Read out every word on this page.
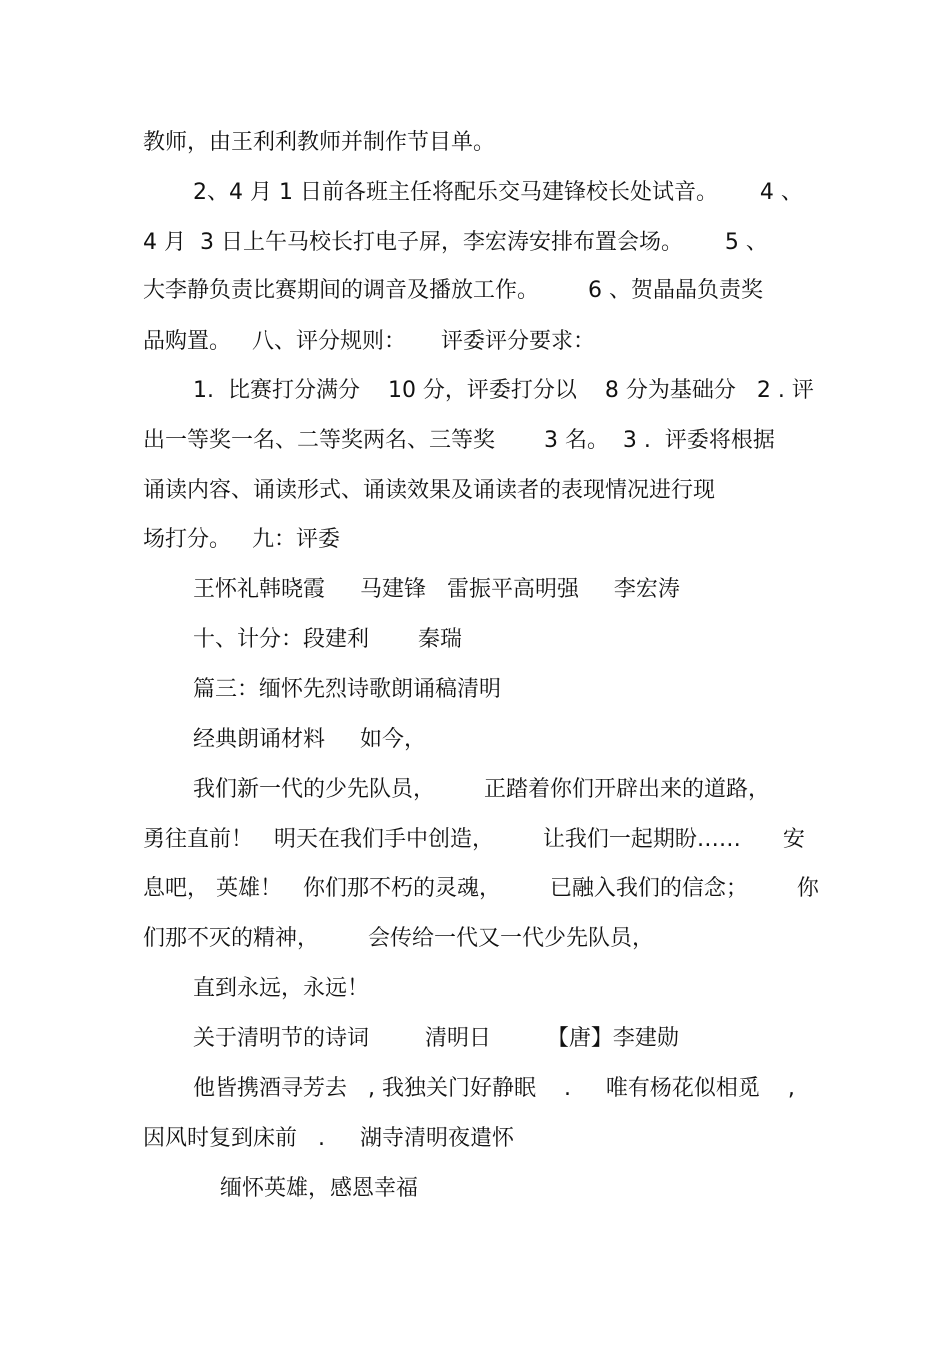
教师，由王利利教师并制作节目单。
2、4 月 1 日前各班主任将配乐交马建锋校长处试音。      4 、
4 月  3 日上午马校长打电子屏，李宏涛安排布置会场。      5 、
大李静负责比赛期间的调音及播放工作。       6 、贺晶晶负责奖
品购置。   八、评分规则：     评委评分要求：
1.  比赛打分满分    10 分，评委打分以    8 分为基础分   2 . 评
出一等奖一名、二等奖两名、三等奖       3 名。  3 .  评委将根据
诵读内容、诵读形式、诵读效果及诵读者的表现情况进行现
场打分。   九：评委
王怀礼韩晓霞     马建锋   雷振平高明强     李宏涛
十、计分：段建利       秦瑞
篇三：缅怀先烈诗歌朗诵稿清明
经典朗诵材料     如今，
我们新一代的少先队员，       正踏着你们开辟出来的道路，
勇往直前！   明天在我们手中创造，       让我们一起期盼……      安
息吧， 英雄！   你们那不朽的灵魂，       已融入我们的信念；       你
们那不灭的精神，       会传给一代又一代少先队员，
直到永远，永远！
关于清明节的诗词        清明日        【唐】李建勋
他皆携酒寻芳去   , 我独关门好静眠    .     唯有杨花似相觅    ,
因风时复到床前   .     湖寺清明夜遣怀
缅怀英雄，感恩幸福
